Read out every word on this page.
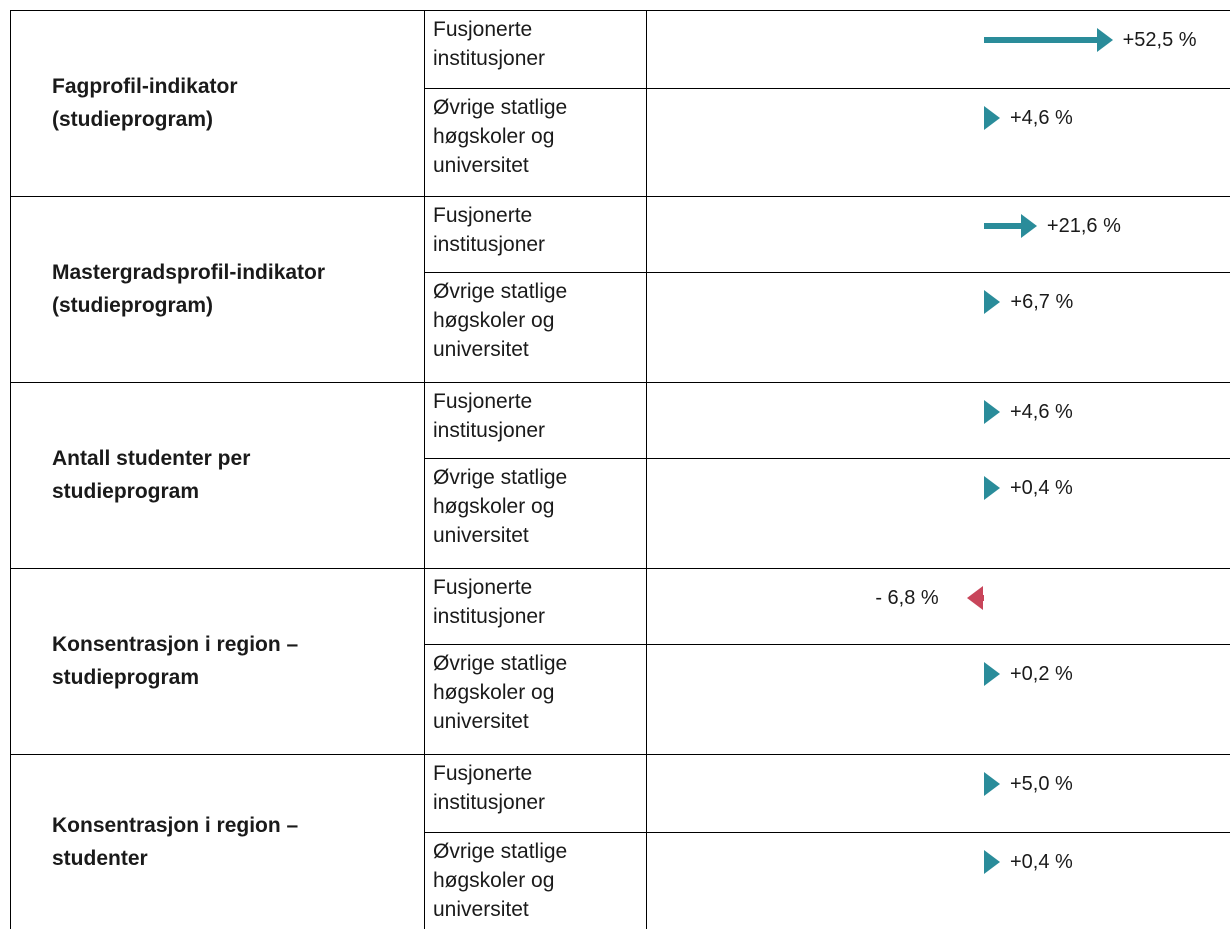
Fagprofil-indikator
(studieprogram)
Fusjonerte
institusjoner
+52,5 %
Øvrige statlige
høgskoler og
universitet
+4,6 %
Mastergradsprofil-indikator
(studieprogram)
Fusjonerte
institusjoner
+21,6 %
Øvrige statlige
høgskoler og
universitet
+6,7 %
Antall studenter per
studieprogram
Fusjonerte
institusjoner
+4,6 %
Øvrige statlige
høgskoler og
universitet
+0,4 %
Konsentrasjon i region –
studieprogram
Fusjonerte
institusjoner
- 6,8 %
Øvrige statlige
høgskoler og
universitet
+0,2 %
Konsentrasjon i region –
studenter
Fusjonerte
institusjoner
+5,0 %
Øvrige statlige
høgskoler og
universitet
+0,4 %
